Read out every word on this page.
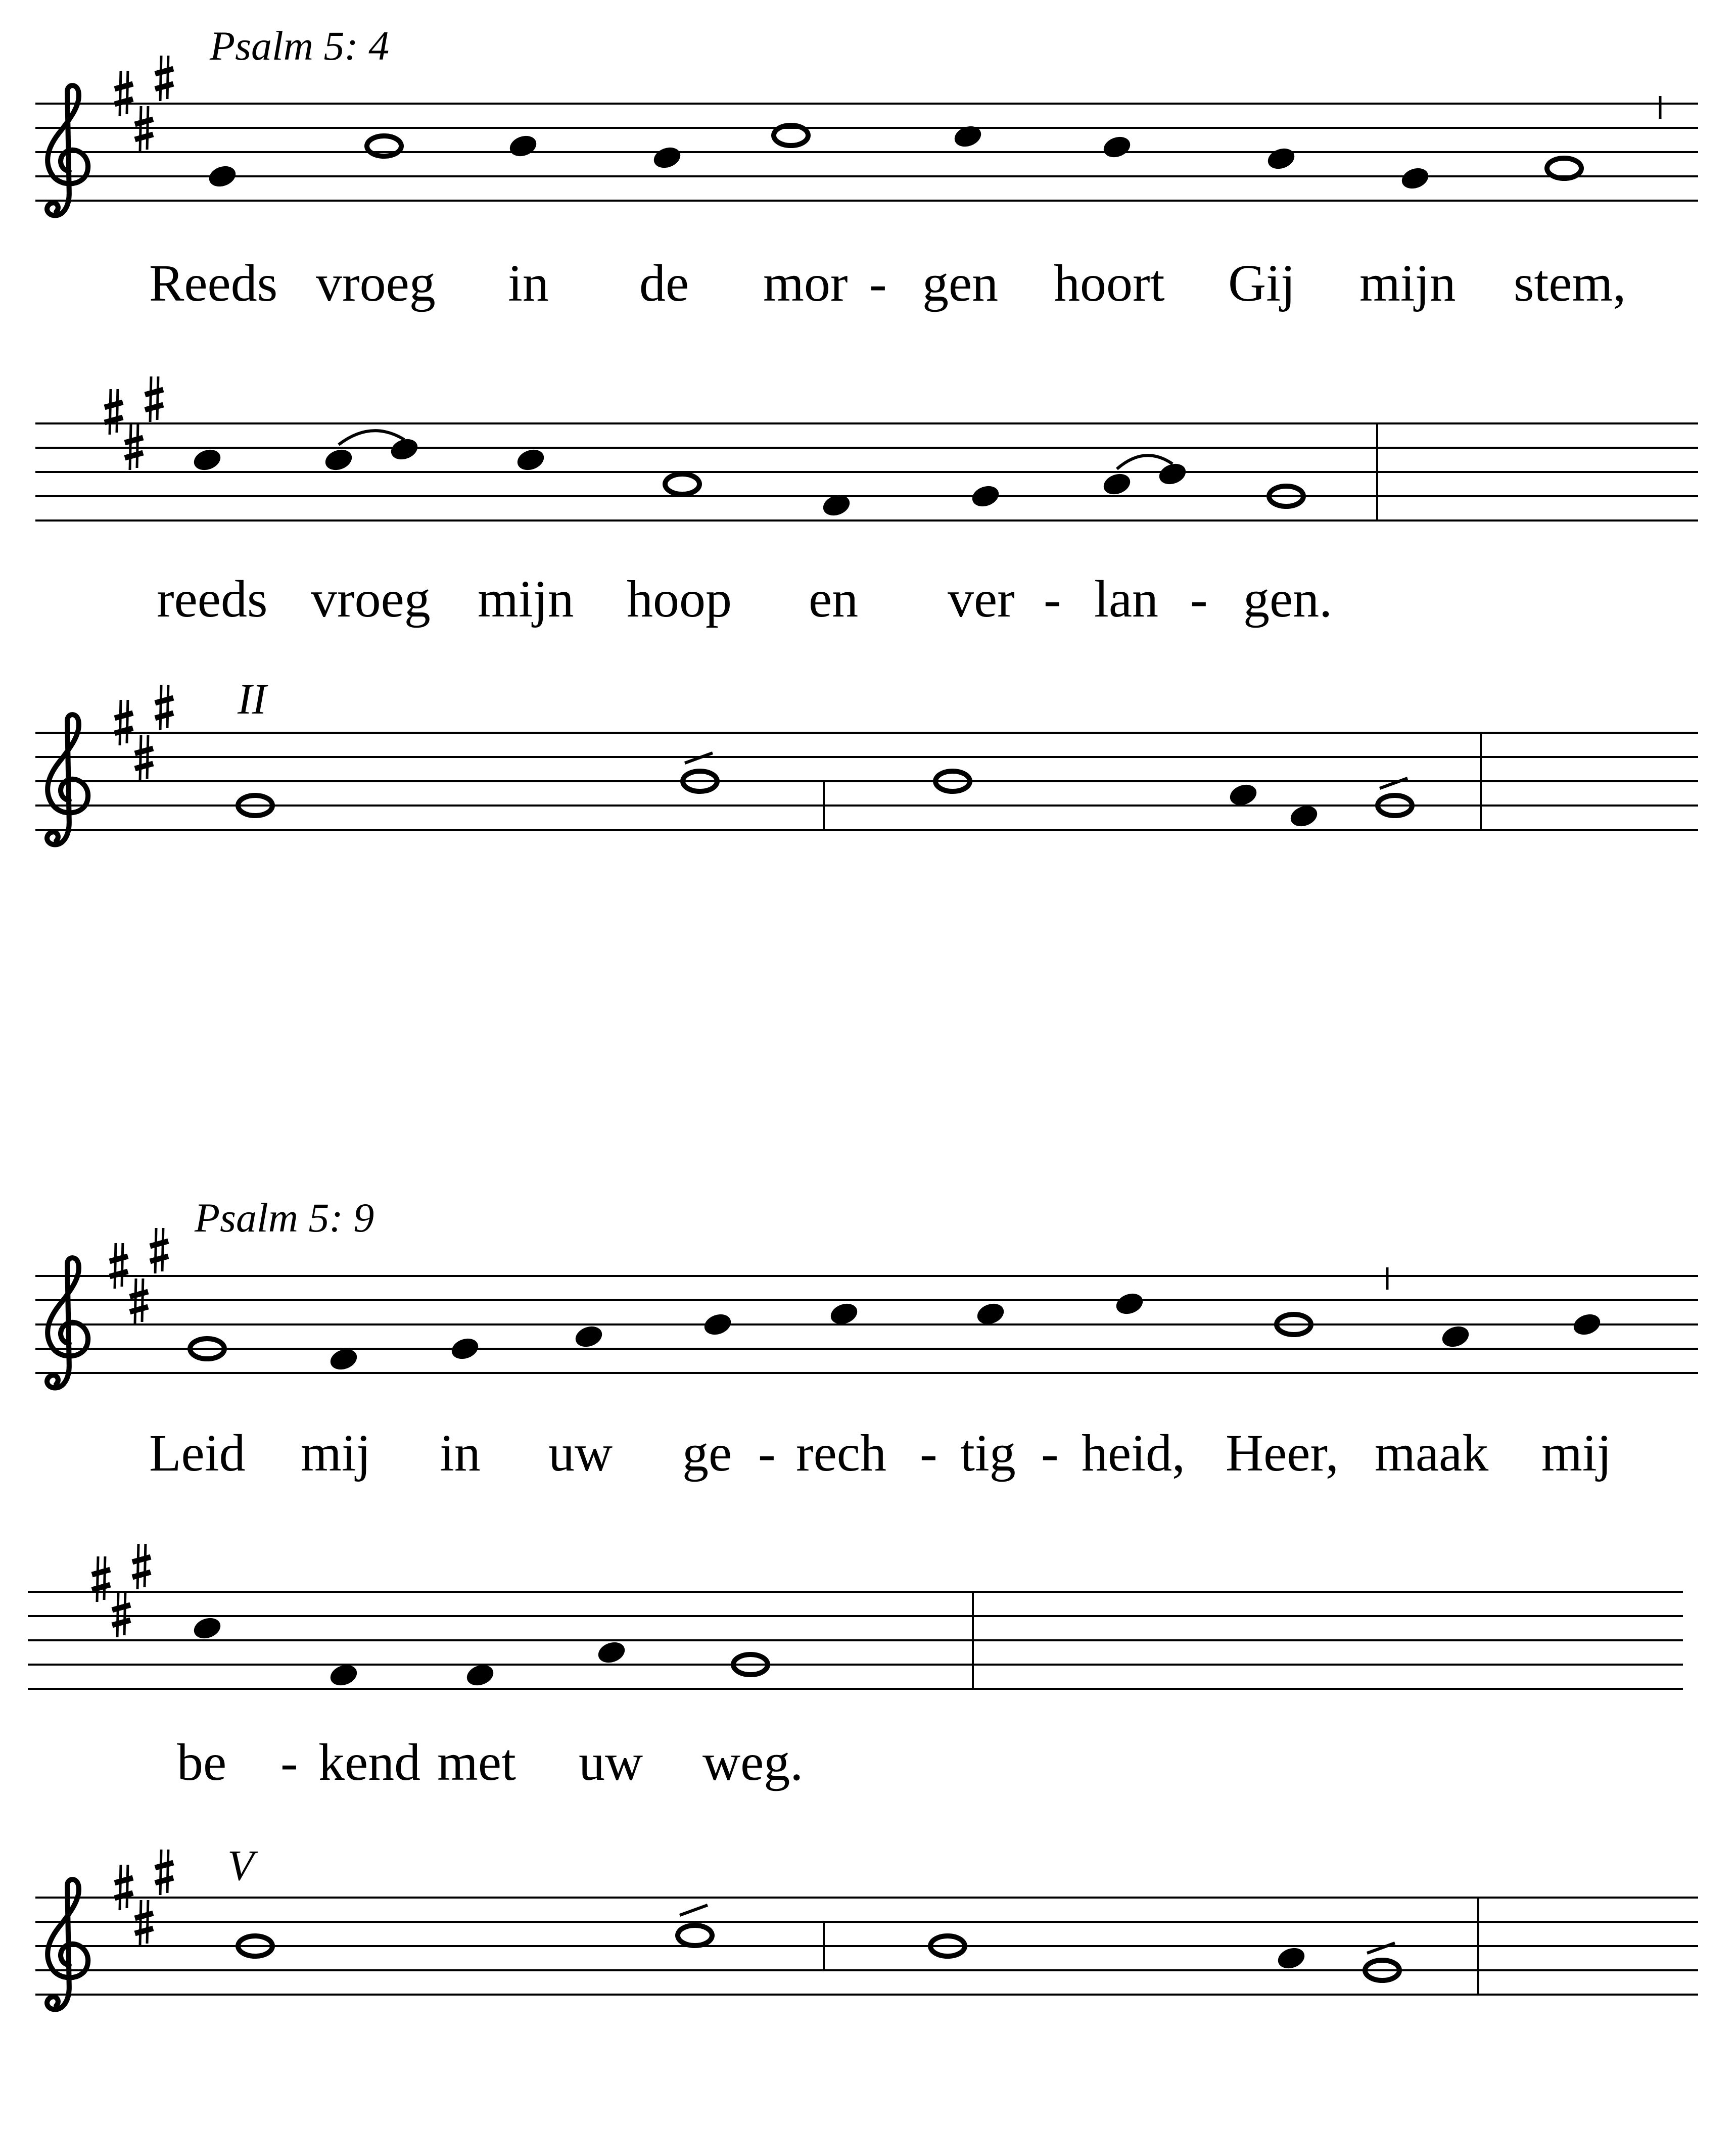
Psalm 5: 4
Reeds vroeg in de mor - gen hoort Gij mijn stem,
reeds vroeg mijn hoop en ver - lan - gen.
II
Psalm 5: 9
Leid mij in uw ge - rech - tig - heid, Heer, maak mij
be - kend met uw weg.
V
